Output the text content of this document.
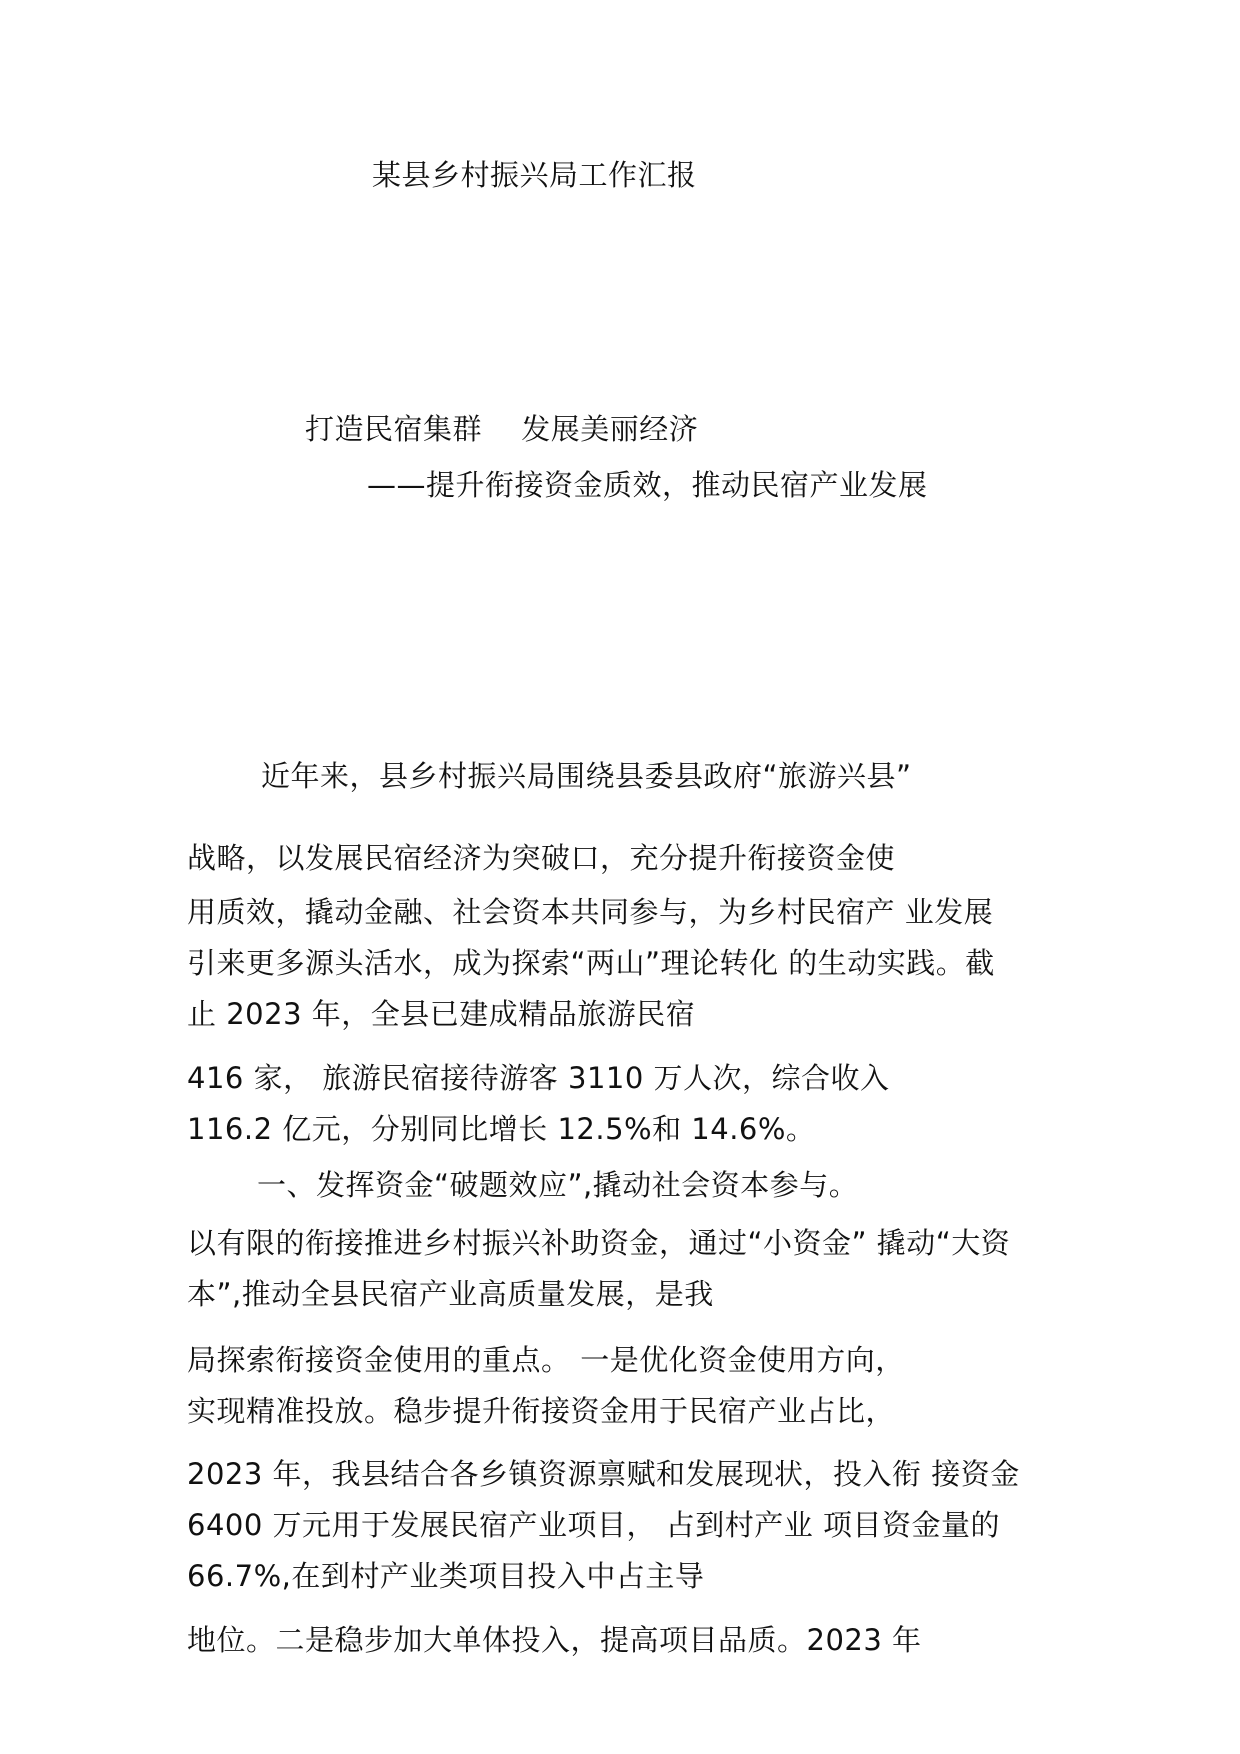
某县乡村振兴局工作汇报
打造民宿集群　 发展美丽经济
——提升衔接资金质效，推动民宿产业发展
近年来，县乡村振兴局围绕县委县政府“旅游兴县”
战略，以发展民宿经济为突破口，充分提升衔接资金使
用质效，撬动金融、社会资本共同参与，为乡村民宿产 业发展
引来更多源头活水，成为探索“两山”理论转化 的生动实践。截
止 2023 年，全县已建成精品旅游民宿
416 家， 旅游民宿接待游客 3110 万人次，综合收入
116.2 亿元，分别同比增长 12.5%和 14.6%。
一、发挥资金“破题效应”,撬动社会资本参与。
以有限的衔接推进乡村振兴补助资金，通过“小资金” 撬动“大资
本”,推动全县民宿产业高质量发展，是我
局探索衔接资金使用的重点。 一是优化资金使用方向，
实现精准投放。稳步提升衔接资金用于民宿产业占比，
2023 年，我县结合各乡镇资源禀赋和发展现状，投入衔 接资金
6400 万元用于发展民宿产业项目， 占到村产业 项目资金量的
66.7%,在到村产业类项目投入中占主导
地位。二是稳步加大单体投入，提高项目品质。2023 年
